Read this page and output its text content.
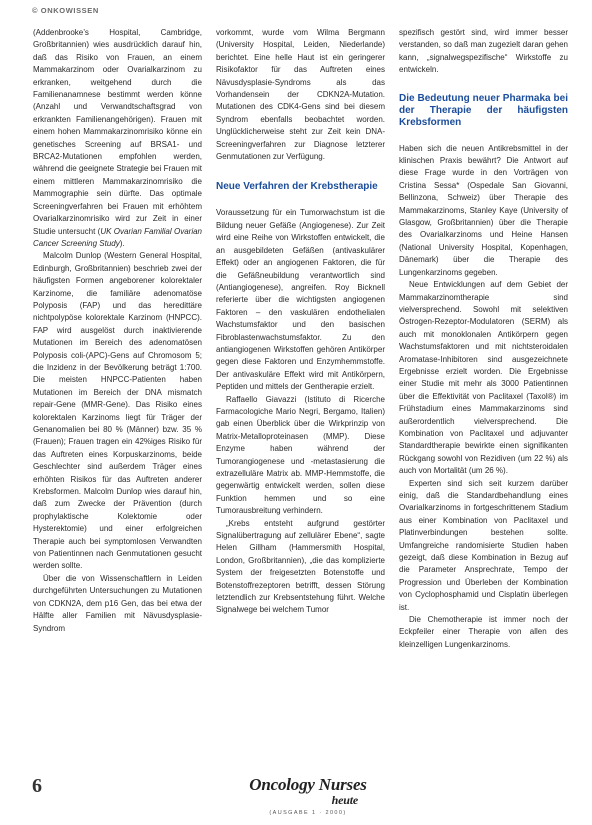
© ONKOWISSEN

(Addenbrooke’s Hospital, Cambridge, Großbritannien) wies ausdrücklich darauf hin, daß das Risiko von Frauen, an einem Mammakarzinom oder Ovarialkarzinom zu erkranken, weitgehend durch die Familienanamnese bestimmt werden könne (Anzahl und Verwandtschaftsgrad von erkrankten Familienangehörigen). Frauen mit einem hohen Mammakarzinomrisiko könne ein genetisches Screening auf BRSA1- und BRCA2-Mutationen empfohlen werden, während die geeignete Strategie bei Frauen mit einem mittleren Mammakarzinomrisiko die Mammographie sein dürfte. Das optimale Screeningverfahren bei Frauen mit erhöhtem Ovarialkarzinomrisiko wird zur Zeit in einer Studie untersucht (UK Ovarian Familial Ovarian Cancer Screening Study).

Malcolm Dunlop (Western General Hospital, Edinburgh, Großbritannien) beschrieb zwei der häufigsten Formen angeborener kolorektaler Karzinome, die familiäre adenomatöse Polyposis (FAP) und das heredittäre nichtpolypöse kolorektale Karzinom (HNPCC). FAP wird ausgelöst durch inaktivierende Mutationen im Bereich des adenomatösen Polyposis coli-(APC)-Gens auf Chromosom 5; die Inzidenz in der Bevölkerung beträgt 1:700. Die meisten HNPCC-Patienten haben Mutationen im Bereich der DNA mismatch repair-Gene (MMR-Gene). Das Risiko eines kolorektalen Karzinoms liegt für Träger der Genanomalien bei 80 % (Männer) bzw. 35 % (Frauen); Frauen tragen ein 42%iges Risiko für das Auftreten eines Korpuskarzinoms, beide Geschlechter sind außerdem Träger eines erhöhten Risikos für das Auftreten anderer Krebsformen. Malcolm Dunlop wies darauf hin, daß zum Zwecke der Prävention (durch prophylaktische Kolektomie oder Hysterektomie) und einer erfolgreichen Therapie auch bei symptomlosen Verwandten von Patientinnen nach Genmutationen gesucht werden sollte.

Über die von Wissenschaftlern in Leiden durchgeführten Untersuchungen zu Mutationen von CDKN2A, dem p16 Gen, das bei etwa der Hälfte aller Familien mit Nävusdysplasie-Syndrom

vorkommt, wurde vom Wilma Bergmann (University Hospital, Leiden, Niederlande) berichtet. Eine helle Haut ist ein geringerer Risikofaktor für das Auftreten eines Nävusdysplasie-Syndroms als das Vorhandensein der CDKN2A-Mutation. Mutationen des CDK4-Gens sind bei diesem Syndrom ebenfalls beobachtet worden. Unglücklicherweise steht zur Zeit kein DNA-Screeningverfahren zur Diagnose letzterer Genmutationen zur Verfügung.

Neue Verfahren der Krebstherapie

Voraussetzung für ein Tumorwachstum ist die Bildung neuer Gefäße (Angiogenese). Zur Zeit wird eine Reihe von Wirkstoffen entwickelt, die an ausgebildeten Gefäßen (antivaskulärer Effekt) oder an angiogenen Faktoren, die für die Gefäßneubildung verantwortlich sind (Antiangiogenese), angreifen. Roy Bicknell referierte über die wichtigsten angiogenen Faktoren – den vaskulären endothelialen Wachstumsfaktor und den basischen Fibroblastenwachstumsfaktor. Zu den antiangiogenen Wirkstoffen gehören Antikörper gegen diese Faktoren und Enzymhemmstoffe. Der antivaskuläre Effekt wird mit Antikörpern, Peptiden und mittels der Gentherapie erzielt.

Raffaello Giavazzi (Istituto di Ricerche Farmacologiche Mario Negri, Bergamo, Italien) gab einen Überblick über die Wirkprinzip von Matrix-Metalloproteinasen (MMP). Diese Enzyme haben während der Tumorangiogenese und -metastasierung die extrazelluläre Matrix ab. MMP-Hemmstoffe, die gegenwärtig entwickelt werden, sollen diese Funktion hemmen und so eine Tumorausbreitung verhindern.

„Krebs entsteht aufgrund gestörter Signalübertragung auf zellulärer Ebene“, sagte Helen Gillham (Hammersmith Hospital, London, Großbritannien), „die das komplizierte System der freigesetzten Botenstoffe und Botenstoffrezeptoren betrifft, dessen Störung letztendlich zur Krebsentstehung führt. Welche Signalwege bei welchem Tumor

spezifisch gestört sind, wird immer besser verstanden, so daß man zugezielt daran gehen kann, „signalwegspezifische“ Wirkstoffe zu entwickeln.

Die Bedeutung neuer Pharmaka bei der Therapie der häufigsten Krebsformen

Haben sich die neuen Antikrebsmittel in der klinischen Praxis bewährt? Die Antwort auf diese Frage wurde in den Vorträgen von Cristina Sessa* (Ospedale San Giovanni, Bellinzona, Schweiz) über Therapie des Mammakarzinoms, Stanley Kaye (University of Glasgow, Großbritannien) über die Therapie des Ovarialkarzinoms und Heine Hansen (National University Hospital, Kopenhagen, Dänemark) über die Therapie des Lungenkarzinoms gegeben.

Neue Entwicklungen auf dem Gebiet der Mammakarzinomtherapie sind vielversprechend. Sowohl mit selektiven Östrogen-Rezeptor-Modulatoren (SERM) als auch mit monoklonalen Antikörpern gegen Wachstumsfaktoren und mit nichtsteroidalen Aromatase-Inhibitoren sind ausgezeichnete Ergebnisse erzielt worden. Die Ergebnisse einer Studie mit mehr als 3000 Patientinnen über die Effektivität von Paclitaxel (Taxol®) im Frühstadium eines Mammakarzinoms sind außerordentlich vielversprechend. Die Kombination von Paclitaxel und adjuvanter Standardtherapie bewirkte einen signifikanten Rückgang sowohl von Rezidiven (um 22 %) als auch von Mortalität (um 26 %).

Experten sind sich seit kurzem darüber einig, daß die Standardbehandlung eines Ovarialkarzinoms in fortgeschrittenem Stadium aus einer Kombination von Paclitaxel und Platinverbindungen bestehen sollte. Umfangreiche randomisierte Studien haben gezeigt, daß diese Kombination in Bezug auf die Parameter Ansprechrate, Tempo der Progression und Überleben der Kombination von Cyclophosphamid und Cisplatin überlegen ist.

Die Chemotherapie ist immer noch der Eckpfeiler einer Therapie von allen des kleinzelligen Lungenkarzinoms.

6	Oncology Nurses
heute
(AUSGABE 1 · 2000)
